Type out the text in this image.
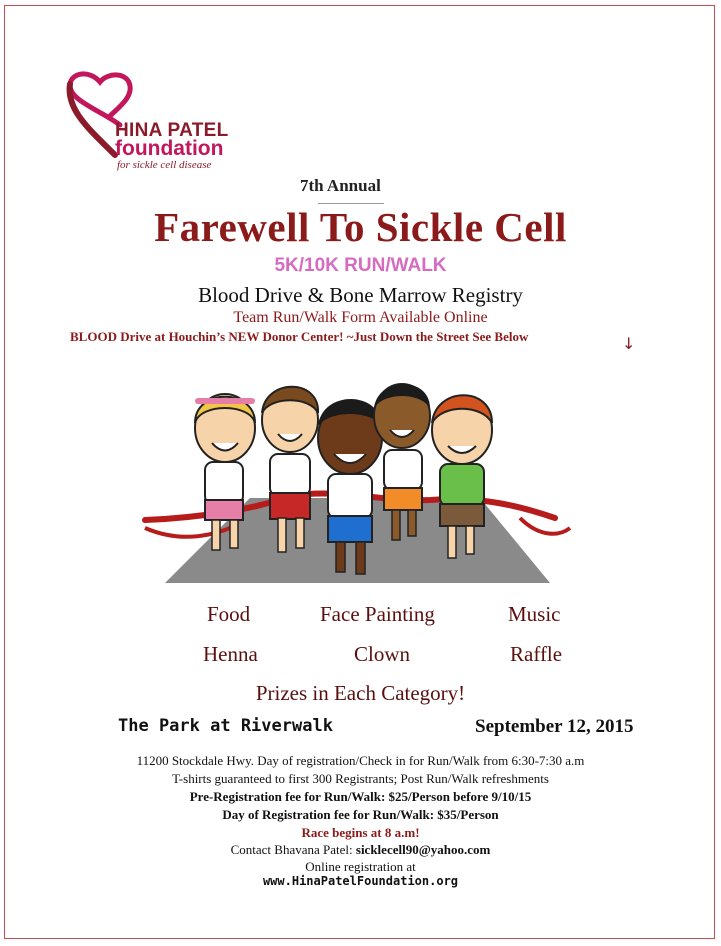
HINA PATEL
foundation
for sickle cell disease
7th Annual
Farewell To Sickle Cell
5K/10K RUN/WALK
Blood Drive & Bone Marrow Registry
Team Run/Walk Form Available Online
BLOOD Drive at Houchin’s NEW Donor Center! ~Just Down the Street See Below	↓
Food	Face Painting	Music
Henna	Clown	Raffle
Prizes in Each Category!
The Park at Riverwalk	September 12, 2015
11200 Stockdale Hwy. Day of registration/Check in for Run/Walk from 6:30-7:30 a.m
T-shirts guaranteed to first 300 Registrants; Post Run/Walk refreshments
Pre-Registration fee for Run/Walk: $25/Person before 9/10/15
Day of Registration fee for Run/Walk: $35/Person
Race begins at 8 a.m!
Contact Bhavana Patel: sicklecell90@yahoo.com
Online registration at
www.HinaPatelFoundation.org
